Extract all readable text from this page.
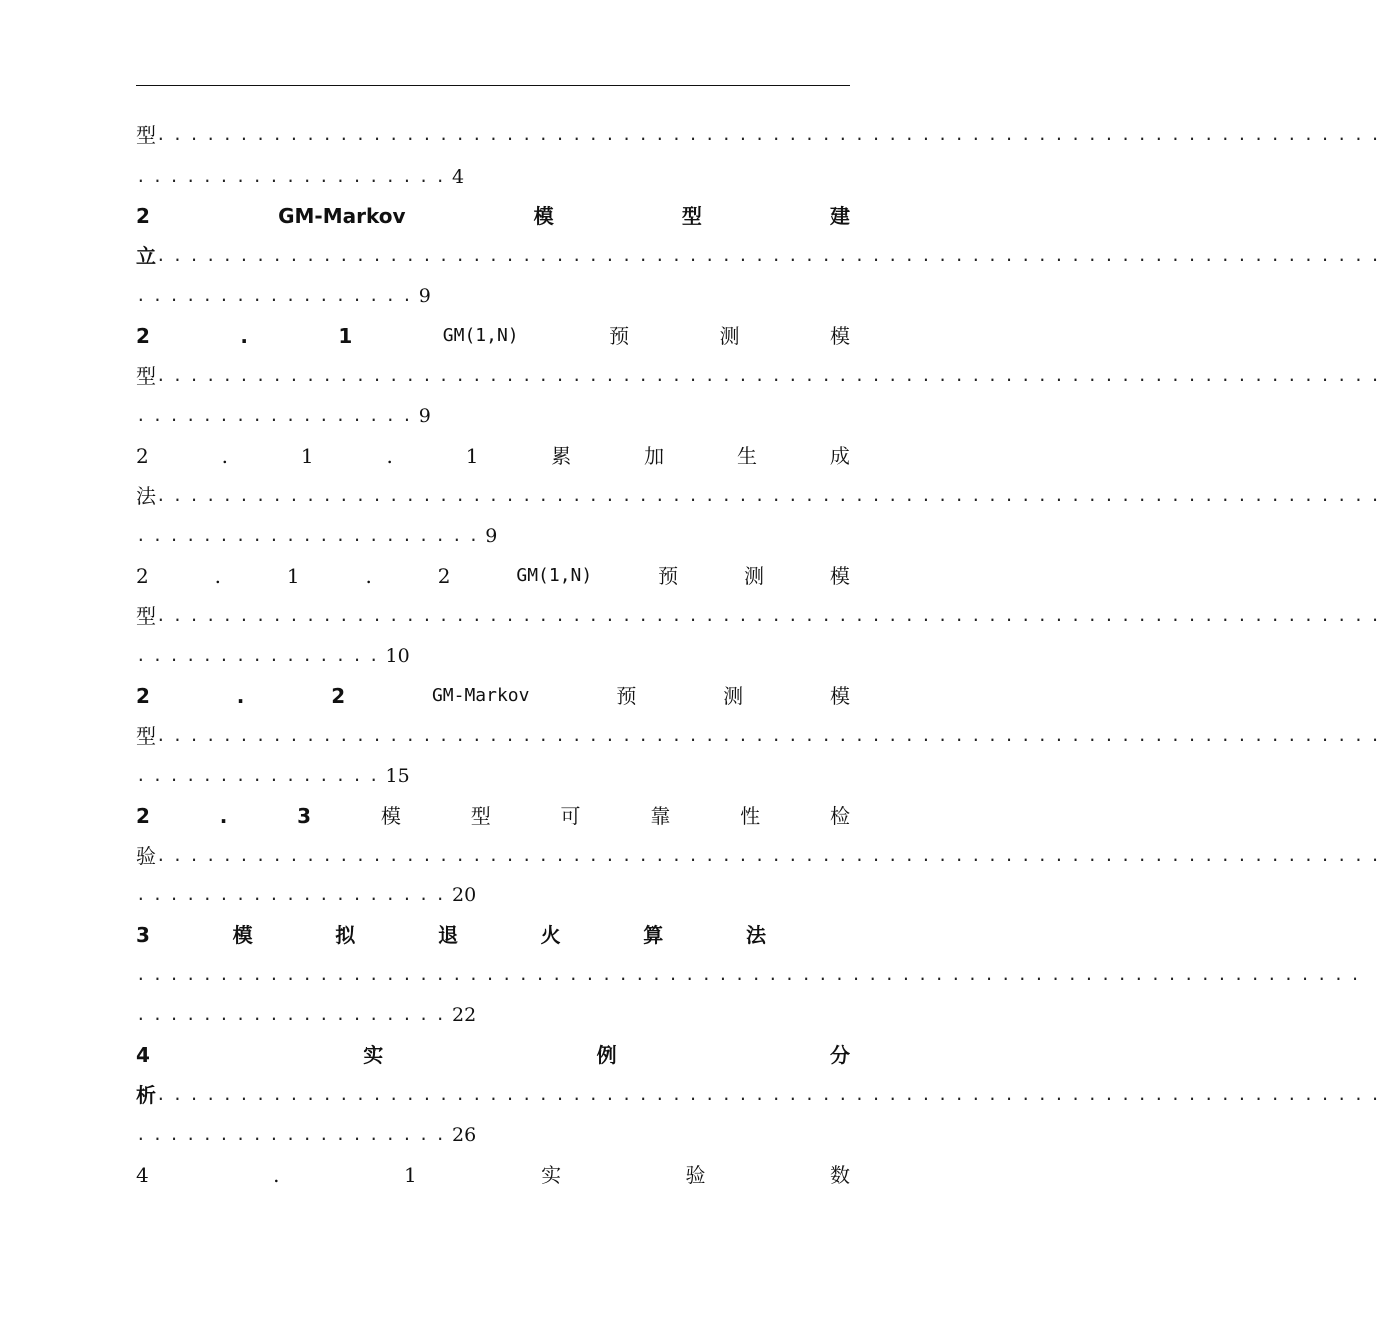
型 ..........................................................................
................... 4
2	GM-Markov	模	型	建
立 ..........................................................................
................. 9
2	.	1	GM(1,N)	预	测	模
型 ..........................................................................
................. 9
2	.	1	.	1	累	加	生	成
法 ..........................................................................
..................... 9
2	.	1	.	2	GM(1,N)	预	测	模
型 ..........................................................................
............... 10
2	.	2	GM-Markov	预	测	模
型 ..........................................................................
............... 15
2	.	3	模	型	可	靠	性	检
验 ..........................................................................
................... 20
3	模	拟	退	火	算	法
..........................................................................
................... 22
4	实	例	分
析 ..........................................................................
................... 26
4	.	1	实	验	数
